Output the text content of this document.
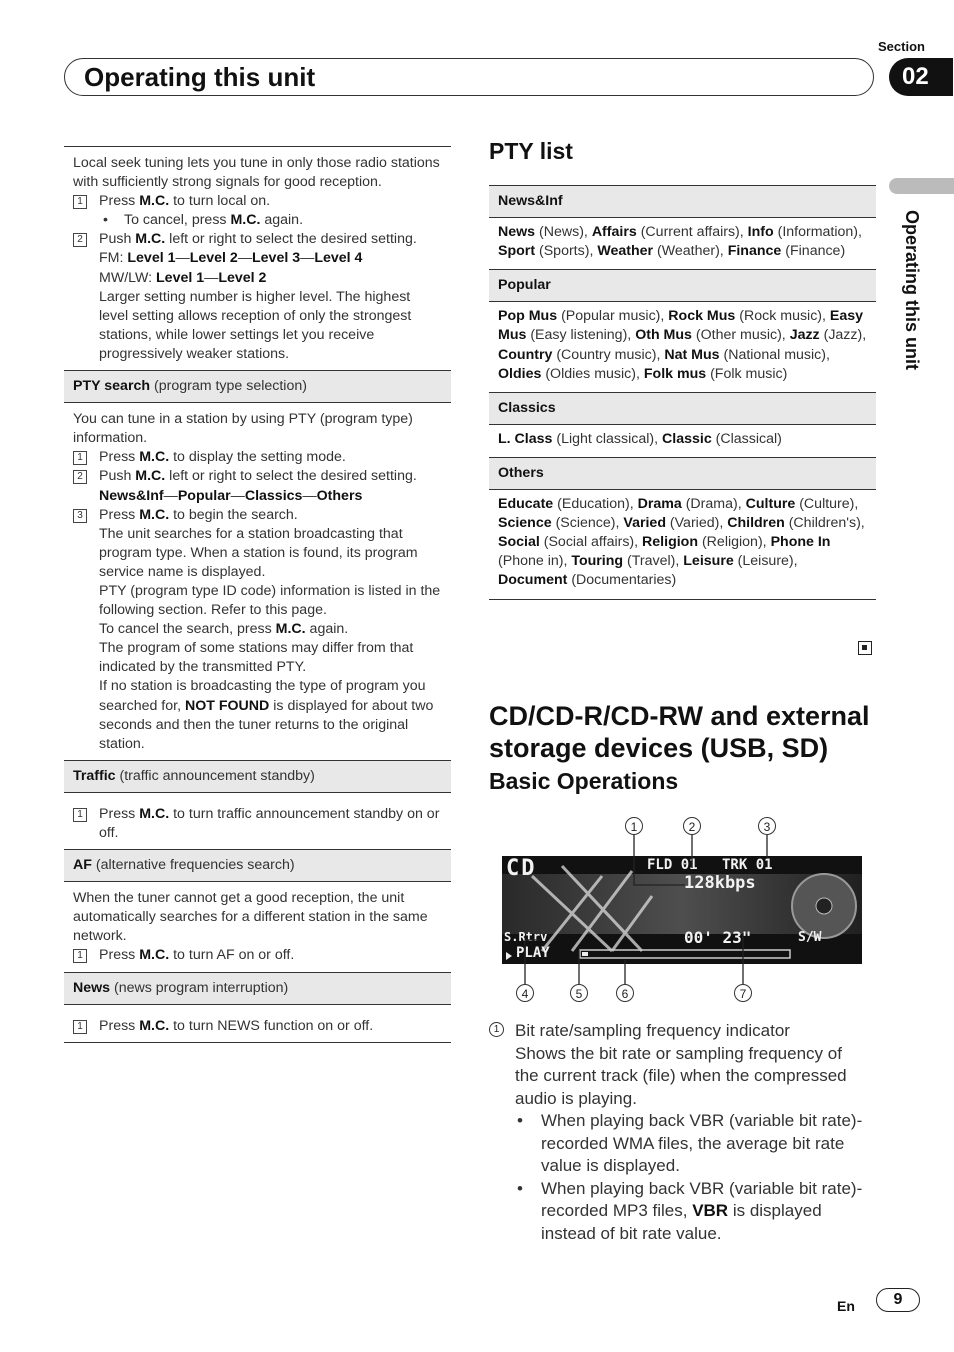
Section
Operating this unit	02
Operating this unit
Local seek tuning lets you tune in only those radio stations with sufficiently strong signals for good reception.
1 Press M.C. to turn local on.
• To cancel, press M.C. again.
2 Push M.C. left or right to select the desired setting.
FM: Level 1—Level 2—Level 3—Level 4
MW/LW: Level 1—Level 2
Larger setting number is higher level. The highest level setting allows reception of only the strongest stations, while lower settings let you receive progressively weaker stations.
PTY search (program type selection)
You can tune in a station by using PTY (program type) information.
1 Press M.C. to display the setting mode.
2 Push M.C. left or right to select the desired setting.
News&Inf—Popular—Classics—Others
3 Press M.C. to begin the search.
The unit searches for a station broadcasting that program type. When a station is found, its program service name is displayed.
PTY (program type ID code) information is listed in the following section. Refer to this page.
To cancel the search, press M.C. again.
The program of some stations may differ from that indicated by the transmitted PTY.
If no station is broadcasting the type of program you searched for, NOT FOUND is displayed for about two seconds and then the tuner returns to the original station.
Traffic (traffic announcement standby)
1 Press M.C. to turn traffic announcement standby on or off.
AF (alternative frequencies search)
When the tuner cannot get a good reception, the unit automatically searches for a different station in the same network.
1 Press M.C. to turn AF on or off.
News (news program interruption)
1 Press M.C. to turn NEWS function on or off.
PTY list
News&Inf
News (News), Affairs (Current affairs), Info (Information), Sport (Sports), Weather (Weather), Finance (Finance)
Popular
Pop Mus (Popular music), Rock Mus (Rock music), Easy Mus (Easy listening), Oth Mus (Other music), Jazz (Jazz), Country (Country music), Nat Mus (National music), Oldies (Oldies music), Folk mus (Folk music)
Classics
L. Class (Light classical), Classic (Classical)
Others
Educate (Education), Drama (Drama), Culture (Culture), Science (Science), Varied (Varied), Children (Children's), Social (Social affairs), Religion (Religion), Phone In (Phone in), Touring (Travel), Leisure (Leisure), Document (Documentaries)
CD/CD-R/CD-RW and external storage devices (USB, SD)
Basic Operations
1	2	3
4	5	6	7
CD	FLD 01 TRK 01
128kbps
S.Rtrv
PLAY
00' 23"	S/W
1 Bit rate/sampling frequency indicator
Shows the bit rate or sampling frequency of the current track (file) when the compressed audio is playing.
• When playing back VBR (variable bit rate)-recorded WMA files, the average bit rate value is displayed.
• When playing back VBR (variable bit rate)-recorded MP3 files, VBR is displayed instead of bit rate value.
En	9
